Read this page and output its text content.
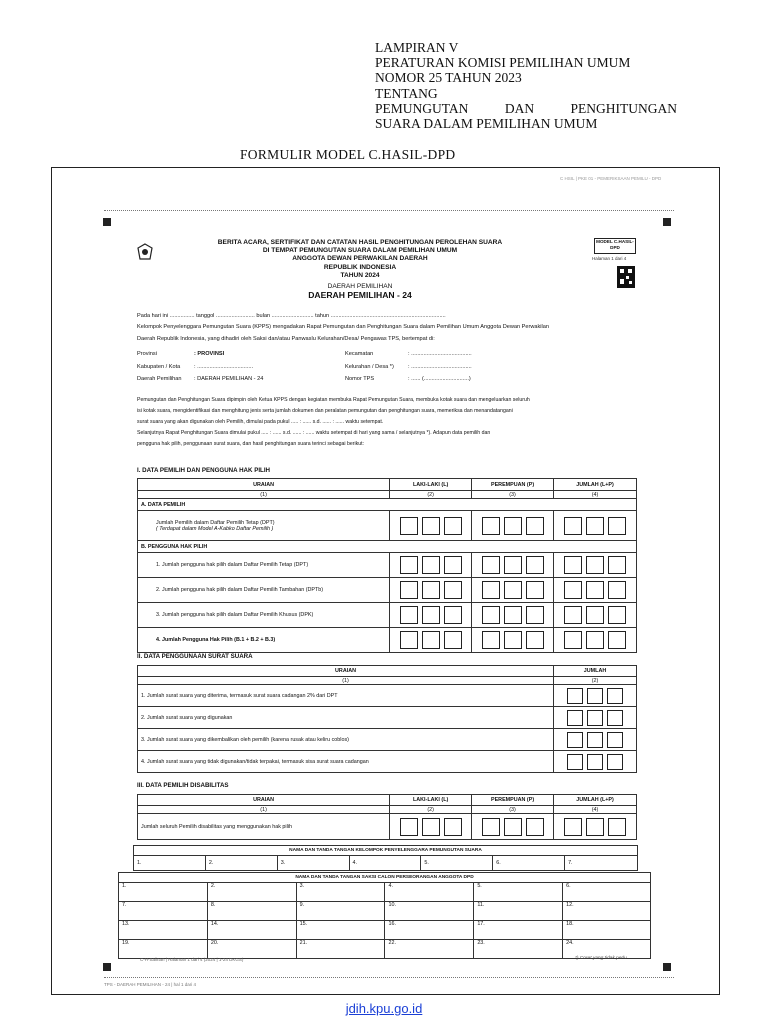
LAMPIRAN V
PERATURAN KOMISI PEMILIHAN UMUM
NOMOR 25 TAHUN 2023
TENTANG
PEMUNGUTAN	DAN	PENGHITUNGAN
SUARA DALAM PEMILIHAN UMUM
FORMULIR MODEL C.HASIL-DPD
C HSIL | PKE 01 - PEMERIKSAAN PEMILU - DPD
BERITA ACARA, SERTIFIKAT DAN CATATAN HASIL PENGHITUNGAN PEROLEHAN SUARA
DI TEMPAT PEMUNGUTAN SUARA DALAM PEMILIHAN UMUM
ANGGOTA DEWAN PERWAKILAN DAERAH
REPUBLIK INDONESIA
TAHUN 2024
DAERAH PEMILIHAN
DAERAH PEMILIHAN - 24
MODEL C.HASIL-DPD
Halaman 1 dari 4
Pada hari ini ................ tanggol ......................... bulan ........................... tahun ..........................................................................
Kelompok Penyelenggara Pemungutan Suara (KPPS) mengadakan Rapat Pemungutan dan Penghitungan Suara dalam Pemilihan Umum Anggota Dewan Perwakilan
Daerah Republik Indonesia, yang dihadiri oleh Saksi dan/atau Panwaslu Kelurahan/Desa/ Pengawas TPS, bertempat di:
Provinsi	: PROVINSI
Kabupaten / Kota : ....................................
Daerah Pemilihan : DAERAH PEMILIHAN - 24
Kecamatan	: .......................................
Kelurahan / Desa *)	: .......................................
Nomor TPS	: ...... (.............................)
Pemungutan dan Penghitungan Suara dipimpin oleh Ketua KPPS dengan kegiatan membuka Rapat Pemungutan Suara, membuka kotak suara dan mengeluarkan seluruh
isi kotak suara, mengidentifikasi dan menghitung jenis serta jumlah dokumen dan peralatan pemungutan dan penghitungan suara, memeriksa dan menandatangani
surat suara yang akan digunakan oleh Pemilih, dimulai pada pukul ..... : ...... s.d. ...... : ...... waktu setempat.
Selanjutnya Rapat Penghitungan Suara dimulai pukul ..... : ...... s.d. ...... : ...... waktu setempat di hari yang sama / selanjutnya *). Adapun data pemilih dan
pengguna hak pilih, penggunaan surat suara, dan hasil penghitungan suara terinci sebagai berikut:
I. DATA PEMILIH DAN PENGGUNA HAK PILIH
URAIAN	LAKI-LAKI (L)	PEREMPUAN (P)	JUMLAH (L+P)
(1)	(2)	(3)	(4)
A. DATA PEMILIH			

Jumlah Pemilih dalam Daftar Pemilih Tetap (DPT)
( Terdapat dalam Model A-Kabko Daftar Pemilih )			

B. PENGGUNA HAK PILIH			
1. Jumlah pengguna hak pilih dalam Daftar Pemilih Tetap (DPT)	

2. Jumlah pengguna hak pilih dalam Daftar Pemilih Tambahan (DPTb)	

3. Jumlah pengguna hak pilih dalam Daftar Pemilih Khusus (DPK)	

4. Jumlah Pengguna Hak Pilih (B.1 + B.2 + B.3)	

II. DATA PENGGUNAAN SURAT SUARA
URAIAN	JUMLAH
(1)	(2)
1. Jumlah surat suara yang diterima, termasuk surat suara cadangan 2% dari DPT	

2. Jumlah surat suara yang digunakan	

3. Jumlah surat suara yang dikembalikan oleh pemilih (karena rusak atau keliru coblos)	

4. Jumlah surat suara yang tidak digunakan/tidak terpakai, termasuk sisa surat suara cadangan	
III. DATA PEMILIH DISABILITAS
URAIAN	LAKI-LAKI (L)	PEREMPUAN (P)	JUMLAH (L+P)
(1)	(2)	(3)	(4)
Jumlah seluruh Pemilih disabilitas yang menggunakan hak pilih	

NAMA DAN TANDA TANGAN KELOMPOK PENYELENGGARA PEMUNGUTAN SUARA
1.	2.	3.	4.	5.	6.	7.
NAMA DAN TANDA TANGAN SAKSI CALON PERSEORANGAN ANGGOTA DPD					
1.	2.	3.	4.	5.	6.
7.	8.	9.	10.	11.	12.
13.	14.	15.	16.	17.	18.
19.	20.	21.	22.	23.	24.
C-H-Salinan | Halaman 1 dari 4 (2024 | 1-24 DKGS)	*) Coret yang tidak perlu
TPS - DAERAH PEMILIHAN - 24 | hal 1 dari 4
jdih.kpu.go.id
